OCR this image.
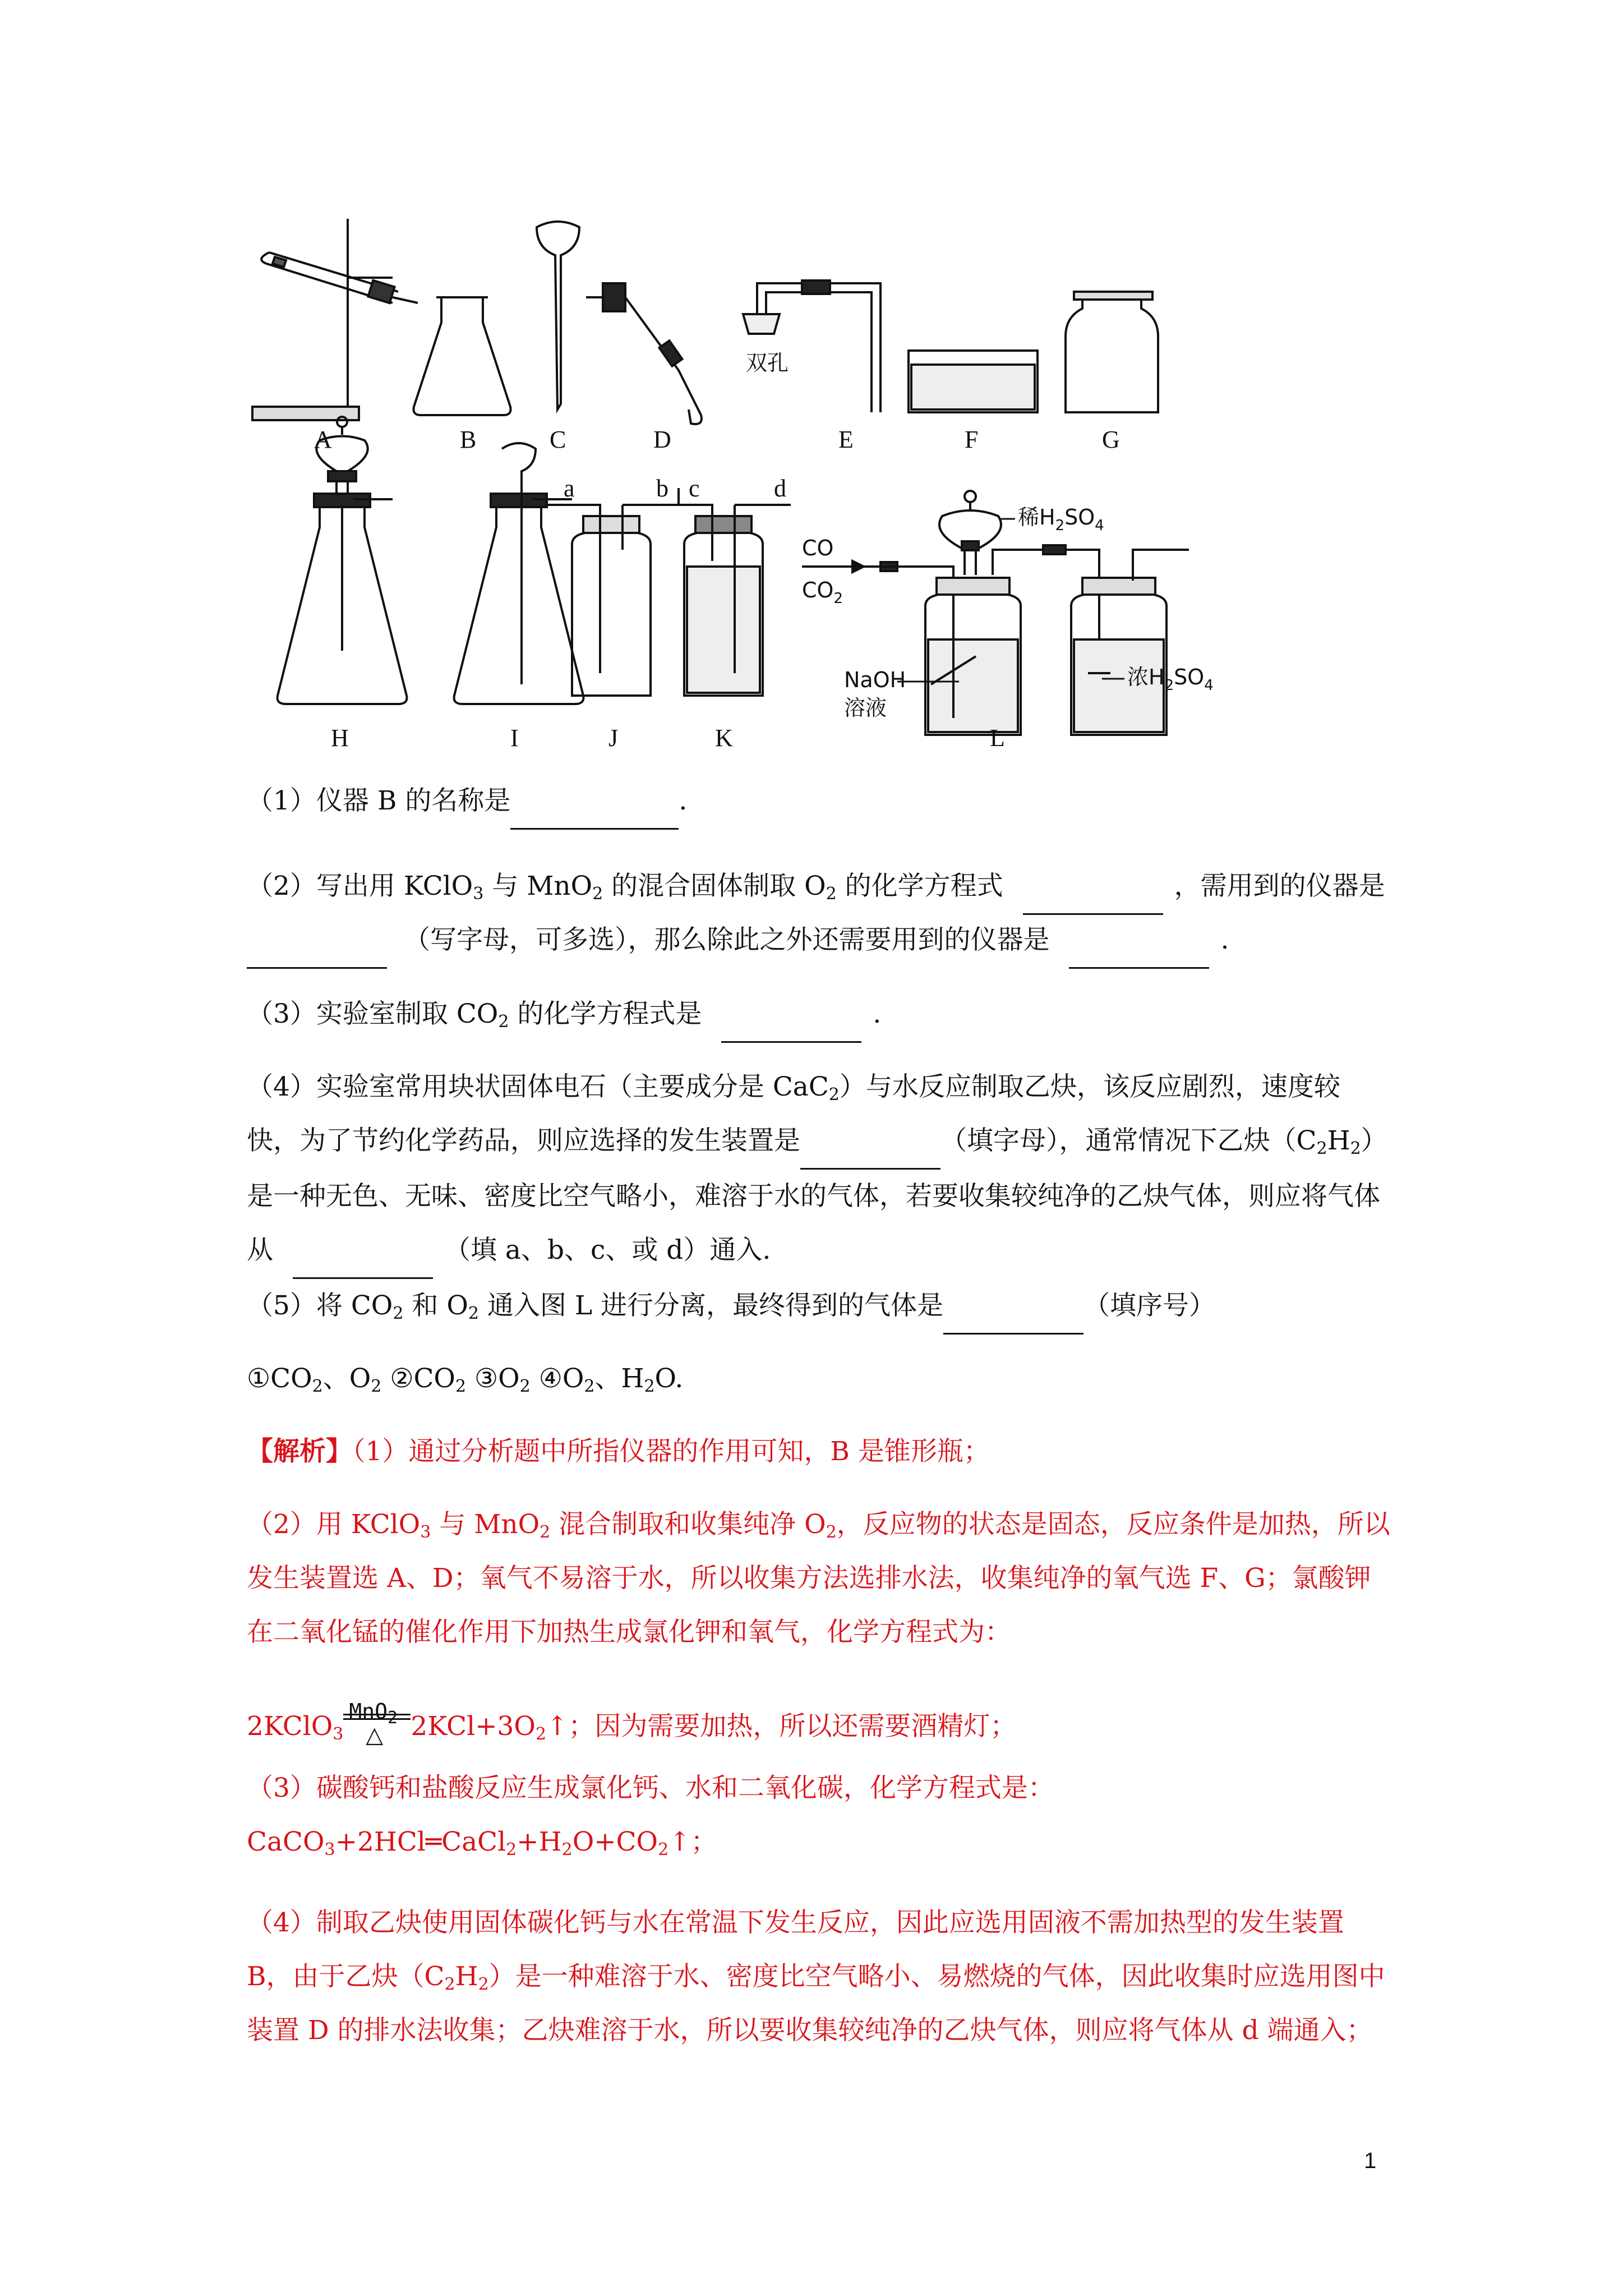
A	B	C	D	E	F	G
双孔
H	I	J	K	L
a	b c	d
CO
$CO_2$
稀$H_2SO_4$
NaOH
溶液
浓$H_2SO_4$
（1）仪器 B 的名称是	.
（2）写出用 KClO$_3$ 与 MnO$_2$ 的混合固体制取 $O_2$ 的化学方程式	，需用到的仪器是
（写字母，可多选），那么除此之外还需要用到的仪器是	.
（3）实验室制取 $CO_2$ 的化学方程式是	.
（4）实验室常用块状固体电石（主要成分是 CaC$_2$）与水反应制取乙炔，该反应剧烈，速度较快，为了节约化学药品，则应选择的发生装置是	（填字母），通常情况下乙炔$(C_2H_2)$是一种无色、无味、密度比空气略小，难溶于水的气体，若要收集较纯净的乙炔气体，则应将气体从	（填 a、b、c、或 d）通入.
（5）将 $CO_2$ 和 $O_2$ 通入图 L 进行分离，最终得到的气体是	（填序号）
$①CO_2$、$O_2$ $②CO_2$ $③O_2$ $④O_2$、$H_2O$.
【解析】（1）通过分析题中所指仪器的作用可知，B 是锥形瓶；
（2）用 KClO$_3$ 与 MnO$_2$ 混合制取和收集纯净 $O_2$，反应物的状态是固态，反应条件是加热，所以发生装置选 A、D；氧气不易溶于水，所以收集方法选排水法，收集纯净的氧气选 F、G；氯酸钾在二氧化锰的催化作用下加热生成氯化钾和氧气，化学方程式为：
2KClO$_3$
MnO$_2$
△ $2KCl+3O_2↑$；因为需要加热，所以还需要酒精灯；
（3）碳酸钙和盐酸反应生成氯化钙、水和二氧化碳，化学方程式是：$CaCO_3+2HCl═CaCl_2+H_2O+CO_2↑$；
（4）制取乙炔使用固体碳化钙与水在常温下发生反应，因此应选用固液不需加热型的发生装置 B，由于乙炔$(C_2H_2)$是一种难溶于水、密度比空气略小、易燃烧的气体，因此收集时应选用图中装置 D 的排水法收集；乙炔难溶于水，所以要收集较纯净的乙炔气体，则应将气体从 d 端通入；
1
